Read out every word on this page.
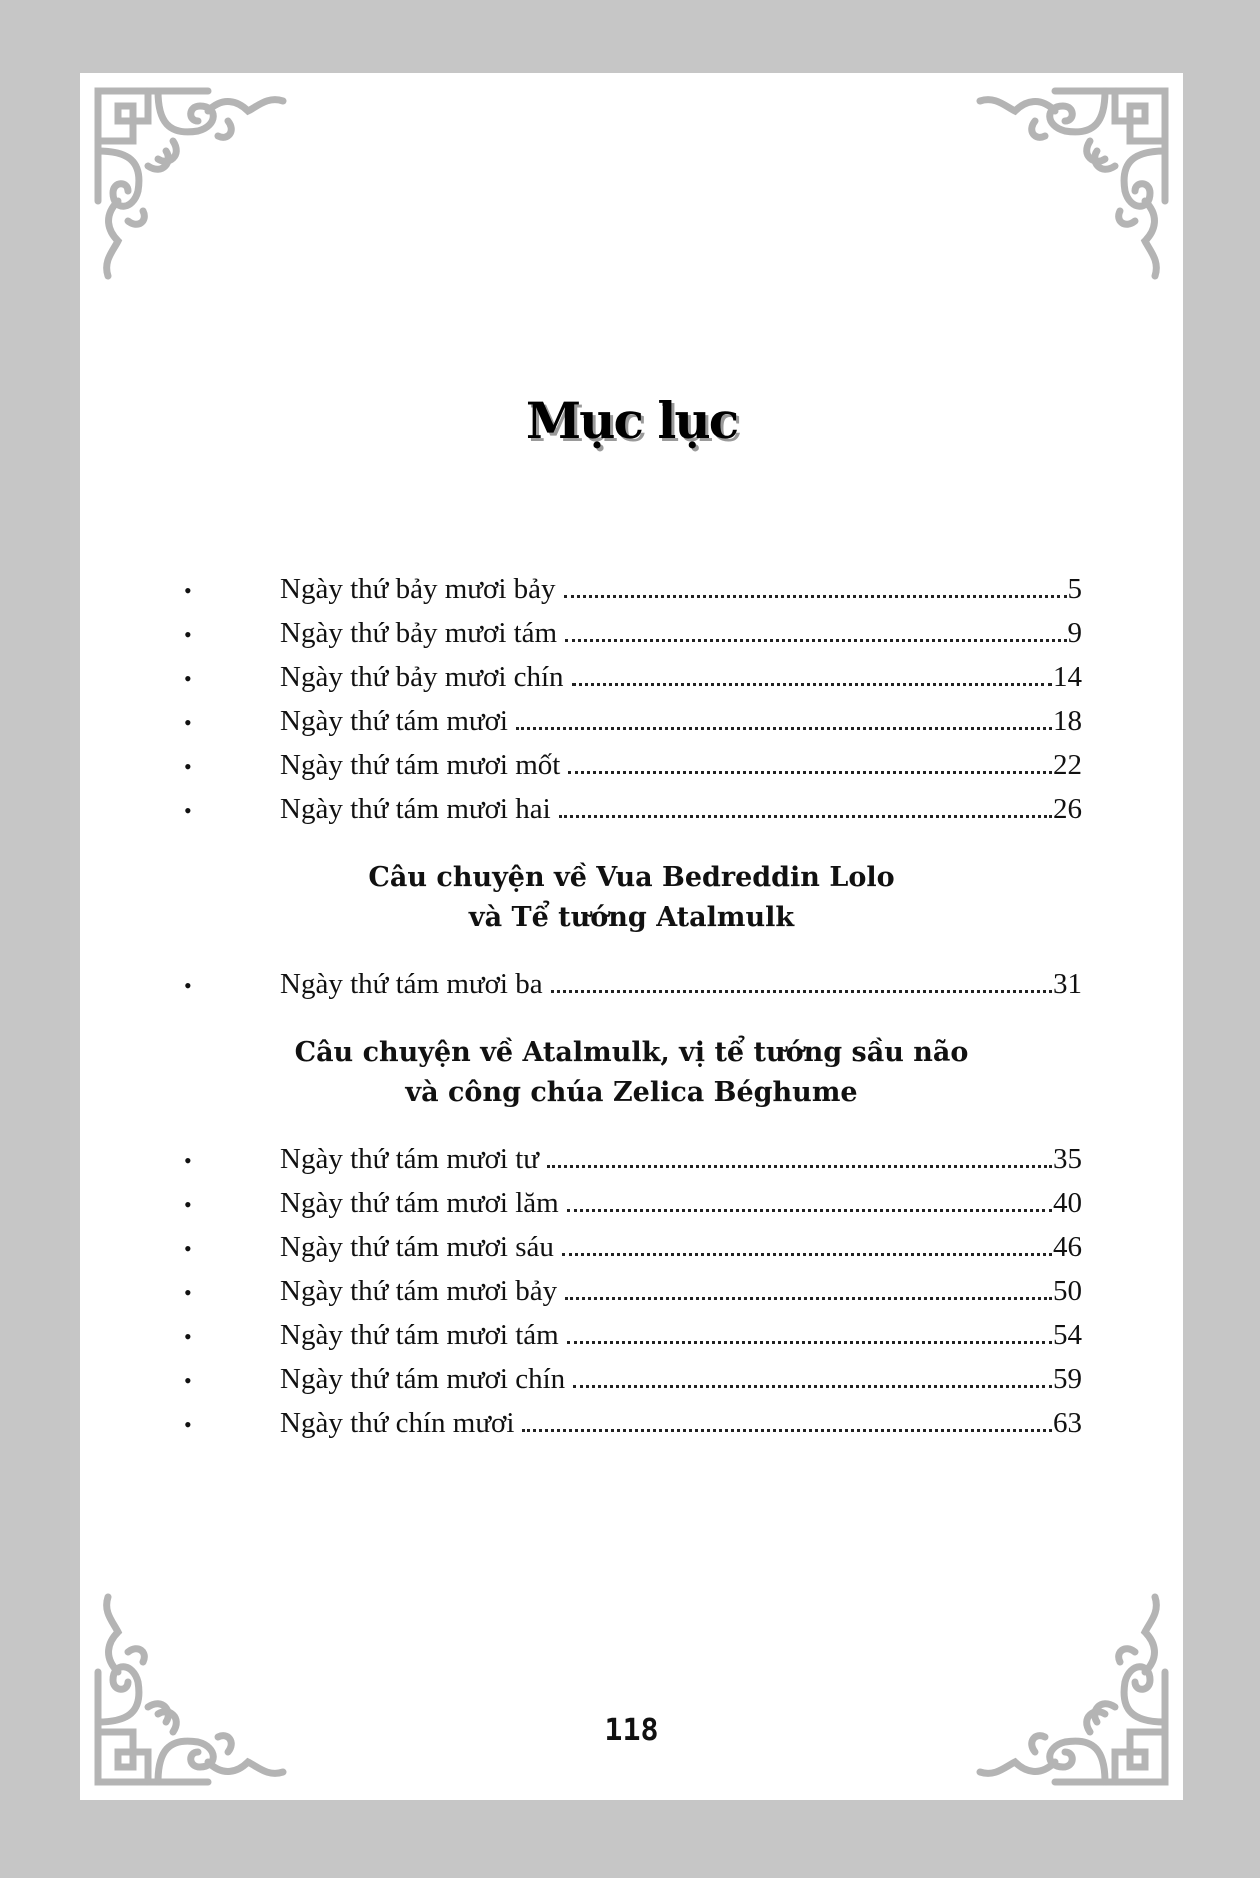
Mục lục
•	Ngày thứ bảy mươi bảy	5
•	Ngày thứ bảy mươi tám	9
•	Ngày thứ bảy mươi chín	14
•	Ngày thứ tám mươi	18
•	Ngày thứ tám mươi mốt	22
•	Ngày thứ tám mươi hai	26
Câu chuyện về Vua Bedreddin Lolo
và Tể tướng Atalmulk
•	Ngày thứ tám mươi ba	31
Câu chuyện về Atalmulk, vị tể tướng sầu não
và công chúa Zelica Béghume
•	Ngày thứ tám mươi tư	35
•	Ngày thứ tám mươi lăm	40
•	Ngày thứ tám mươi sáu	46
•	Ngày thứ tám mươi bảy	50
•	Ngày thứ tám mươi tám	54
•	Ngày thứ tám mươi chín	59
•	Ngày thứ chín mươi	63
118
